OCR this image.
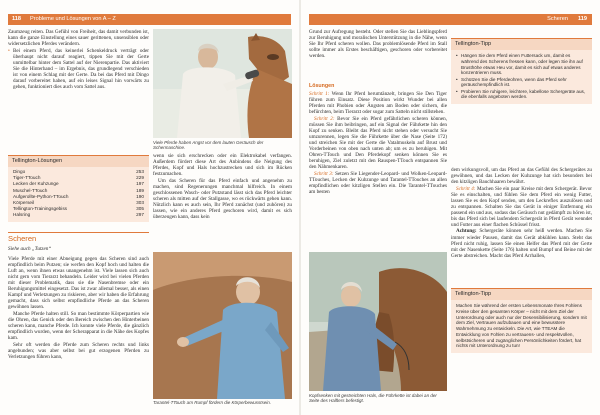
118 Probleme und Lösungen von A – Z

Zaumzeug reiten. Das Gefühl von Freiheit, das damit verbunden ist, kann die ganze Einstellung eines sauer gerittenen, unsensiblen oder widersetzlichen Pferdes verändern.

• Bei einem Pferd, das keinerlei Schenkeldruck verträgt oder überhaupt nicht darauf reagiert, tippen Sie mit der Gerte unmittelbar hinter dem Sattel auf der Nierenpartie. Das aktiviert Sie die Hinterhand – im Ergebnis, das grundlegend verschieden ist von einem Schlag mit der Gerte. Da bei das Pferd mit Dingo darauf vorbereitet haben, auf ein leises Signal hin vorwärts zu gehen, funktioniert dies auch vom Sattel aus.

Viele Pferde haben Angst vor dem lauten Geräusch der Schermaschine.
Tellington-Lösungen
Dingo	253
Tiger-TTouch	229
Lecken der Kuhzunge	197
Muschel-TTouch	189
Aufgerollte-Python-TTouch	190
Körperseil	303
Tellington-Trainingsgebiss	305
Halsring	297

wenn sie sich erschrecken oder ein Elektrokabel verfangen. Außerdem fördert diese Art des Anbindens die Neigung des Pferdes, Kopf und Hals hochzustrecken und sich im Rücken festzumachen.

Um das Scheren für das Pferd einfach und angenehm zu machen, sind Regenerungen manchmal hilfreich. In einem geschlossenen Wasch- oder Putzstand lässt sich das Pferd leichter scheren als mitten auf der Stallgasse, wo es rückwärts gehen kann. Nützlich kann es auch sein, Ihr Pferd zunächst (und zuhören) zu lassen, wie ein anderes Pferd geschoren wird, damit es sich überzeugen kann, dass kein

Scheren
Siehe auch „Tutzen“

Viele Pferde mit einer Abneigung gegen das Scheren sind auch empfindlich beim Putzen; sie werfen den Kopf hoch und halten die Luft an, wenn ihnen etwas unangenehm ist. Viele lassen sich auch nicht gern vom Tierarzt behandeln. Leider wird bei vielen Pferden mit dieser Problematik, dass sie die Nasenbremse oder ein Beruhigungsmittel eingesetzt. Das ist zwar allemal besser, als einen Kampf und Verletzungen zu riskieren, aber wir haben die Erfahrung gemacht, dass sich selbst empfindliche Pferde an das Scheren gewöhnen lassen.

Manche Pferde halten still. So man bestimmte Körperpartien wie die Ohren, das Genick oder den Bereich zwischen den Hinterbeinen scheren kann, manche Pferde. Ich konnte viele Pferde, die gänzlich empfindlich wurden, wenn der Scherapparat in die Nähe des Kopfes kam.

Sehr oft werden die Pferde zum Scheren rechts und links angebunden; was aber selbst bei gut erzogenen Pferden zu Verletzungen führen kann,

Tarantel-TTouch am Rumpf fördern die Körperbewusstsein.
Scheren 119

Grund zur Aufregung besteht. Oder stellen Sie das Lieblingspferd zur Beruhigung und moralischen Unterstützung in die Nähe, wenn Sie Ihr Pferd scheren wollen. Das problemlösende Pferd im Stall sollte immer als Erstes beschäftigen, geschoren oder vorbereitet werden.

Lösungen

Schritt 1: Wenn Ihr Pferd herumtänzelt, bringen Sie Den Tiger führen zum Einsatz. Diese Position wirkt Wunder bei allen Pferden mit Phobien oder Ängsten am Boden oder sichern, die befürchten, beim Tierarzt oder sogar zum Satteln nicht stillstehen.

Schritt 2: Bevor Sie ein Pferd gefährlichen scheren können, müssen Sie ihm beibringen, auf ein Signal der Führkette hin den Kopf zu senken. Bleibt das Pferd nicht stehen oder versucht Sie umzurennen, legen Sie die Führkette über die Nase (Seite 172) und streichen Sie mit der Gerte die Vatalmuskeln auf Brust und Vorderbeinen von oben nach unten ab; um es zu beruhigen. Mit Ohren-TTouch und Den Pferdekopf senken können Sie es beruhigen, Ziel zuletzt mit den Rauspen-TTouch entspannen Sie den Nähmenkaren.

Schritt 3: Setzen Sie Liegender-Leopard- und Wolken-Leopard-TTouches, Lecken der Kuhzunge und Tarantel-TTouches an allen empfindlichen oder kitzligen Stellen ein. Die Tarantel-TTouches am besten

Tellington-Tipp

• Hängen Sie dem Pferd einen Futtersack um, damit es während des Scherens fressen kann, oder legen Sie ihn auf Brusthöhe etwas Heu vor, damit es sich auf etwas anderes konzentrieren muss.

• Schützen Sie die Pferdeohren, wenn das Pferd sehr geräuschempfindlich ist.

• Probieren Sie ruhigere, leichtere, kabellose Schergeräte aus, die ebenfalls angeboten werden.

dem wirkungsvoll, um das Pferd an das Gefühl des Schergerätes zu gewöhnen, und das Lecken der Kuhzunge hat sich besonders bei den kitzligen Bauchhaaren bewährt.

Schritt 4: Machen Sie ein paar Kreise mit dem Schergerät. Bevor Sie es einschalten, und fühlen Sie dem Pferd ein wenig Futter, lassen Sie es den Kopf senden, um den Leckreflex auszulösen und zu entspannen. Schalten Sie das Gerät in einiger Entfernung ein passend ein und aus, sodass das Geräusch nut gedämpft zu hören ist, bis das Pferd sich bei laufendem Schergerät in Pferd Gerät wenndet und Futter aus einer flachen Schüssel frisst.

Achtung: Schergeräte können sehr heiß werden. Machen Sie immer wieder Pausen, damit das Gerät abkühlen kann. Steht das Pferd nicht ruhig, lassen Sie einen Helfer das Pferd mit der Gerte mit der Nasenkette (Seite 176) halten und Bumpf und Beine mit der Gerte abstreichen. Macht das Pferd Arrhallen,

Kopfsenken mit gestreichten Hals, die Führkette ist dabei an der Seite des Halfters befestigt.
Tellington-Tipp

Machen Sie während der ersten Lebensmonate Ihres Fohlens Kreise über den gesamten Körper – nicht mit dem Ziel der Unterordnung oder auch nur der Desensibilisierung, sondern mit dem Ziel, Vertrauen aufzubauen und eine bewusstere Wahrnehmung zu entwickeln. Die Art, wie TTEAM die Entwicklung von Fohlen zu vertrauens- und respektvollen, selbstsicheren und zugänglichen Persönlichkeiten fördert, hat nichts mit Unterordnung zu tun!
